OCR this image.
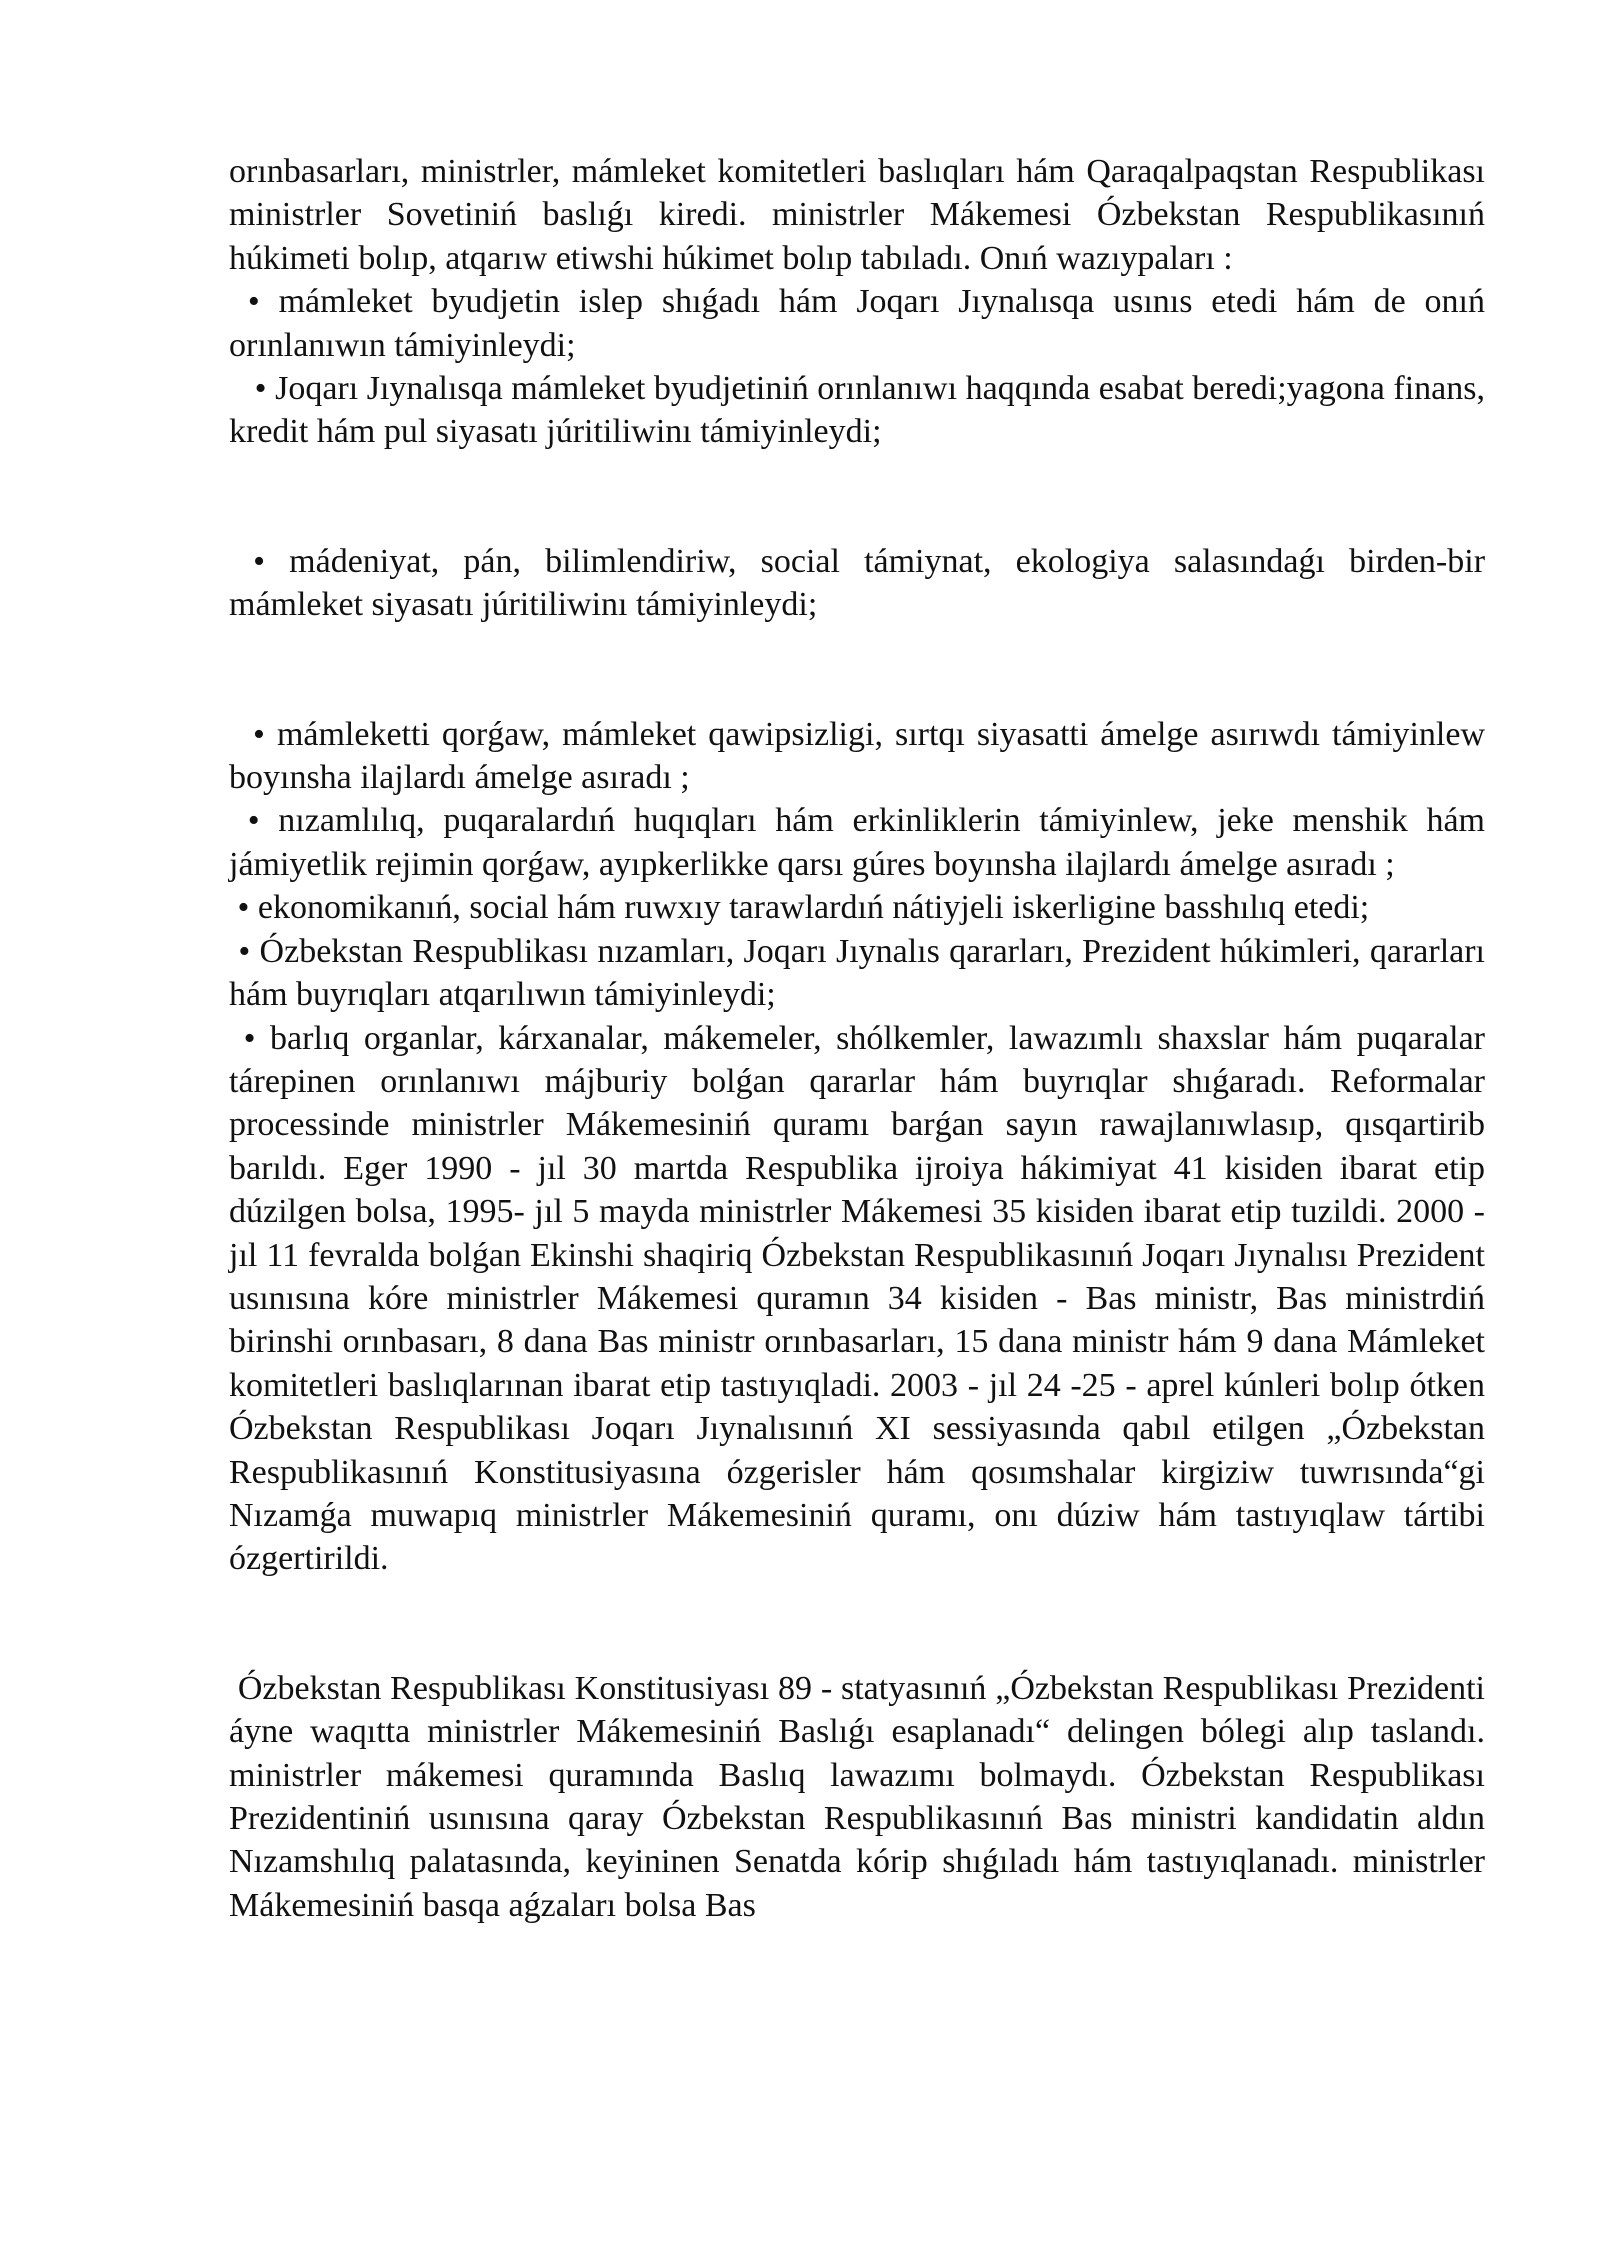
orınbasarları, ministrler, mámleket komitetleri baslıqları hám Qaraqalpaqstan Respublikası ministrler Sovetiniń baslıǵı kiredi. ministrler Mákemesi Ózbekstan Respublikasınıń húkimeti bolıp, atqarıw etiwshi húkimet bolıp tabıladı. Onıń wazıypaları :

• mámleket byudjetin islep shıǵadı hám Joqarı Jıynalısqa usınıs etedi hám de onıń orınlanıwın támiyinleydi;

• Joqarı Jıynalısqa mámleket byudjetiniń orınlanıwı haqqında esabat beredi;yagona finans, kredit hám pul siyasatı júritiliwinı támiyinleydi;

• mádeniyat, pán, bilimlendiriw, social támiynat, ekologiya salasındaǵı birden-bir mámleket siyasatı júritiliwinı támiyinleydi;

• mámleketti qorǵaw, mámleket qawipsizligi, sırtqı siyasatti ámelge asırıwdı támiyinlew boyınsha ilajlardı ámelge asıradı ;

• nızamlılıq, puqaralardıń huqıqları hám erkinliklerin támiyinlew, jeke menshik hám jámiyetlik rejimin qorǵaw, ayıpkerlikke qarsı gúres boyınsha ilajlardı ámelge asıradı ;

• ekonomikanıń, social hám ruwxıy tarawlardıń nátiyjeli iskerligine basshılıq etedi;

• Ózbekstan Respublikası nızamları, Joqarı Jıynalıs qararları, Prezident húkimleri, qararları hám buyrıqları atqarılıwın támiyinleydi;

• barlıq organlar, kárxanalar, mákemeler, shólkemler, lawazımlı shaxslar hám puqaralar tárepinen orınlanıwı májburiy bolǵan qararlar hám buyrıqlar shıǵaradı. Reformalar processinde ministrler Mákemesiniń quramı barǵan sayın rawajlanıwlasıp, qısqartirib barıldı. Eger 1990 - jıl 30 martda Respublika ijroiya hákimiyat 41 kisiden ibarat etip dúzilgen bolsa, 1995- jıl 5 mayda ministrler Mákemesi 35 kisiden ibarat etip tuzildi. 2000 - jıl 11 fevralda bolǵan Ekinshi shaqiriq Ózbekstan Respublikasınıń Joqarı Jıynalısı Prezident usınısına kóre ministrler Mákemesi quramın 34 kisiden - Bas ministr, Bas ministrdiń birinshi orınbasarı, 8 dana Bas ministr orınbasarları, 15 dana ministr hám 9 dana Mámleket komitetleri baslıqlarınan ibarat etip tastıyıqladi. 2003 - jıl 24 -25 - aprel kúnleri bolıp ótken Ózbekstan Respublikası Joqarı Jıynalısınıń XI sessiyasında qabıl etilgen „Ózbekstan Respublikasınıń Konstitusiyasına ózgerisler hám qosımshalar kirgiziw tuwrısında“gi Nızamǵa muwapıq ministrler Mákemesiniń quramı, onı dúziw hám tastıyıqlaw tártibi ózgertirildi.

Ózbekstan Respublikası Konstitusiyası 89 - statyasınıń „Ózbekstan Respublikası Prezidenti áyne waqıtta ministrler Mákemesiniń Baslıǵı esaplanadı“ delingen bólegi alıp taslandı. ministrler mákemesi quramında Baslıq lawazımı bolmaydı. Ózbekstan Respublikası Prezidentiniń usınısına qaray Ózbekstan Respublikasınıń Bas ministri kandidatin aldın Nızamshılıq palatasında, keyininen Senatda kórip shıǵıladı hám tastıyıqlanadı. ministrler Mákemesiniń basqa aǵzaları bolsa Bas
